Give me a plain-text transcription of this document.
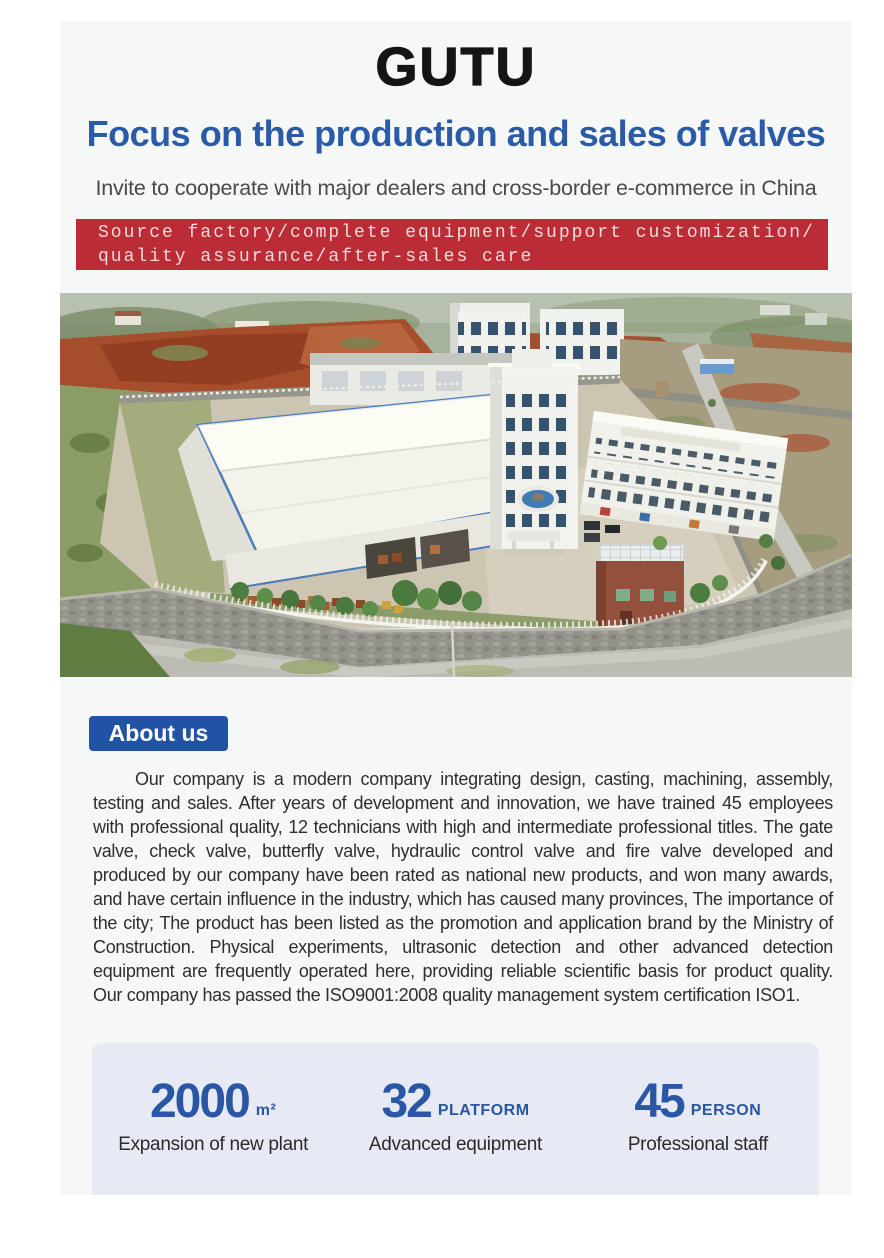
GUTU
Focus on the production and sales of valves

Invite to cooperate with major dealers and cross-border e-commerce in China

Source factory/complete equipment/support customization/
quality assurance/after-sales care
About us

Our company is a modern company integrating design, casting, machining, assembly, testing and sales. After years of development and innovation, we have trained 45 employees with professional quality, 12 technicians with high and intermediate professional titles. The gate valve, check valve, butterfly valve, hydraulic control valve and fire valve developed and produced by our company have been rated as national new products, and won many awards, and have certain influence in the industry, which has caused many provinces, The importance of the city; The product has been listed as the promotion and application brand by the Ministry of Construction. Physical experiments, ultrasonic detection and other advanced detection equipment are frequently operated here, providing reliable scientific basis for product quality. Our company has passed the ISO9001:2008 quality management system certification ISO1.

2000 m²
Expansion of new plant
32 PLATFORM
Advanced equipment
45 PERSON
Professional staff
